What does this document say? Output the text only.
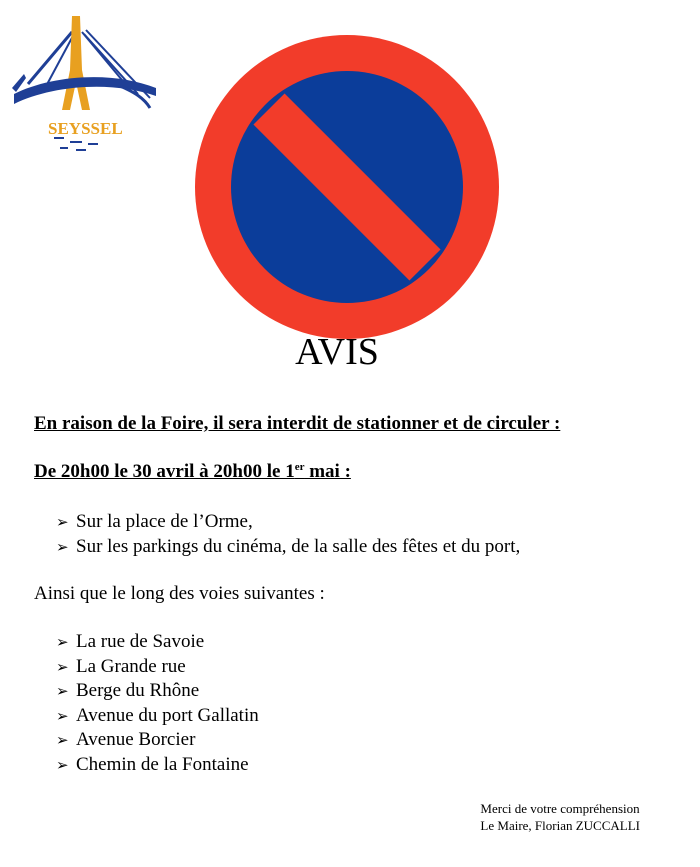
SEYSSEL
AVIS

En raison de la Foire, il sera interdit de stationner et de circuler :

De 20h00 le 30 avril à 20h00 le 1er mai :

➢ Sur la place de l’Orme,
➢ Sur les parkings du cinéma, de la salle des fêtes et du port,

Ainsi que le long des voies suivantes :

➢ La rue de Savoie
➢ La Grande rue
➢ Berge du Rhône
➢ Avenue du port Gallatin
➢ Avenue Borcier
➢ Chemin de la Fontaine
Merci de votre compréhension
Le Maire, Florian ZUCCALLI
